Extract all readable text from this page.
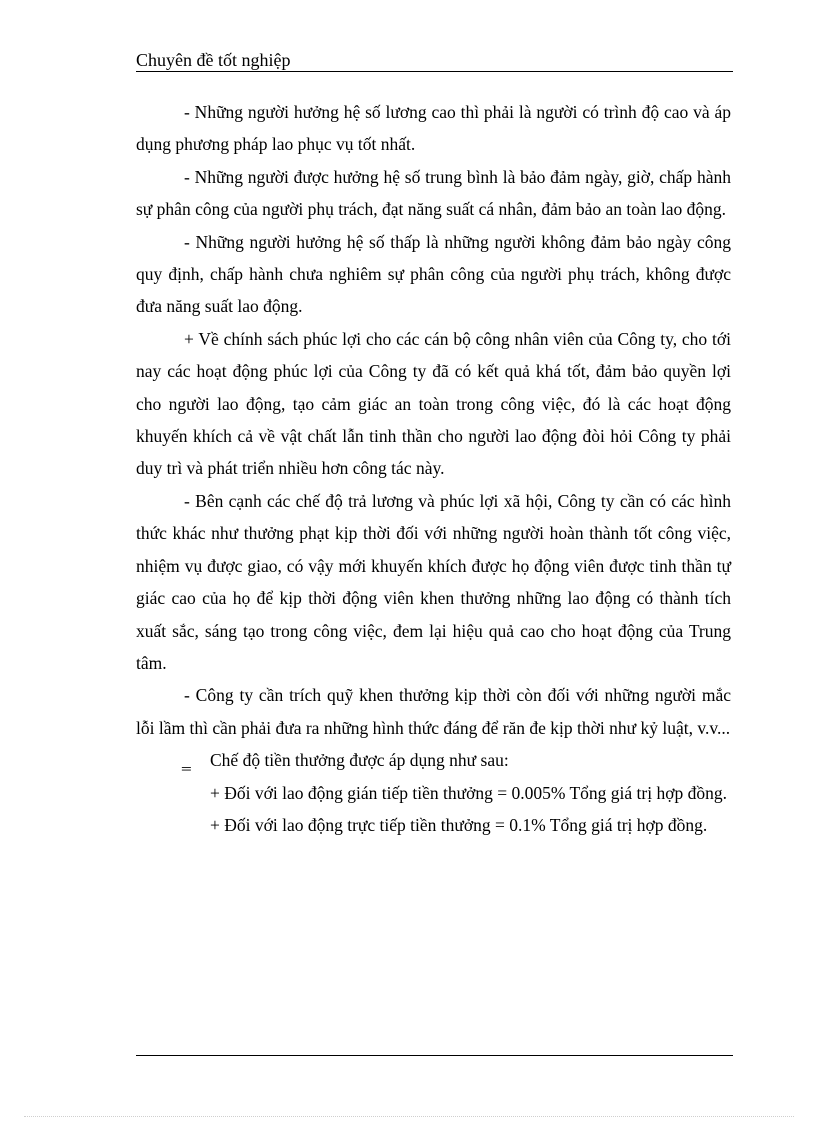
Chuyên đề tốt nghiệp

- Những người hưởng hệ số lương cao thì phải là người có trình độ cao và áp dụng phương pháp lao phục vụ tốt nhất.

- Những người được hưởng hệ số trung bình là bảo đảm ngày, giờ, chấp hành sự phân công của người phụ trách, đạt năng suất cá nhân, đảm bảo an toàn lao động.

- Những người hưởng hệ số thấp là những người không đảm bảo ngày công quy định, chấp hành chưa nghiêm sự phân công của người phụ trách, không được đưa năng suất lao động.

+ Về chính sách phúc lợi cho các cán bộ công nhân viên của Công ty, cho tới nay các hoạt động phúc lợi của Công ty đã có kết quả khá tốt, đảm bảo quyền lợi cho người lao động, tạo cảm giác an toàn trong công việc, đó là các hoạt động khuyến khích cả về vật chất lẫn tinh thần cho người lao động đòi hỏi Công ty phải duy trì và phát triển nhiều hơn công tác này.

- Bên cạnh các chế độ trả lương và phúc lợi xã hội, Công ty cần có các hình thức khác như thưởng phạt kịp thời đối với những người hoàn thành tốt công việc, nhiệm vụ được giao, có vậy mới khuyến khích được họ động viên được tinh thần tự giác cao của họ để kịp thời động viên khen thưởng những lao động có thành tích xuất sắc, sáng tạo trong công việc, đem lại hiệu quả cao cho hoạt động của Trung tâm.

- Công ty cần trích quỹ khen thưởng kịp thời còn đối với những người mắc lỗi lầm thì cần phải đưa ra những hình thức đáng để răn đe kịp thời như kỷ luật, v.v...

‗ Chế độ tiền thưởng được áp dụng như sau:

+ Đối với lao động gián tiếp tiền thưởng = 0.005% Tổng giá trị hợp đồng.

+ Đối với lao động trực tiếp tiền thưởng = 0.1% Tổng giá trị hợp đồng.
